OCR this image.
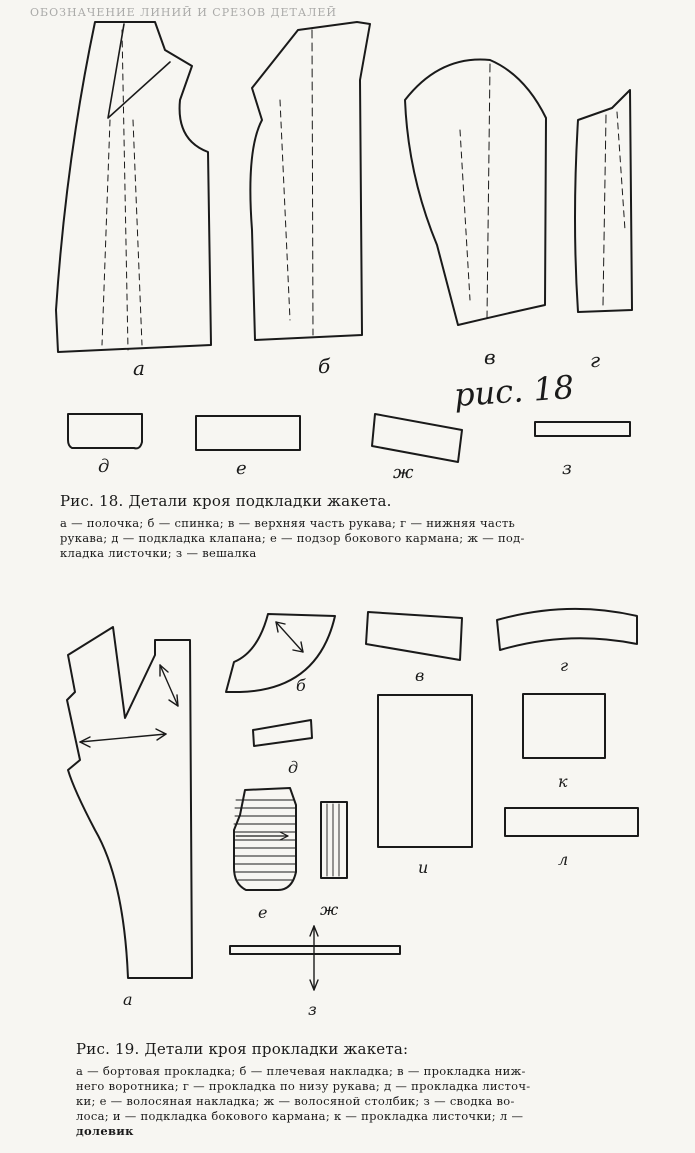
ОБОЗНАЧЕНИЕ ЛИНИЙ И СРЕЗОВ ДЕТАЛЕЙ
а	б	в	г
рис. 18
д	е	ж	з
Рис. 18. Детали кроя подкладки жакета.
а — полочка; б — спинка; в — верхняя часть рукава; г — нижняя часть
рукава; д — подкладка клапана; е — подзор бокового кармана; ж — под-
кладка листочки; з — вешалка
а
б
в
г
д
е	ж
з
и
к
л
Рис. 19. Детали кроя прокладки жакета:
а — бортовая прокладка; б — плечевая накладка; в — прокладка ниж-
него воротника; г — прокладка по низу рукава; д — прокладка листоч-
ки; е — волосяная накладка; ж — волосяной столбик; з — сводка во-
лоса; и — подкладка бокового кармана; к — прокладка листочки; л —
долевик
